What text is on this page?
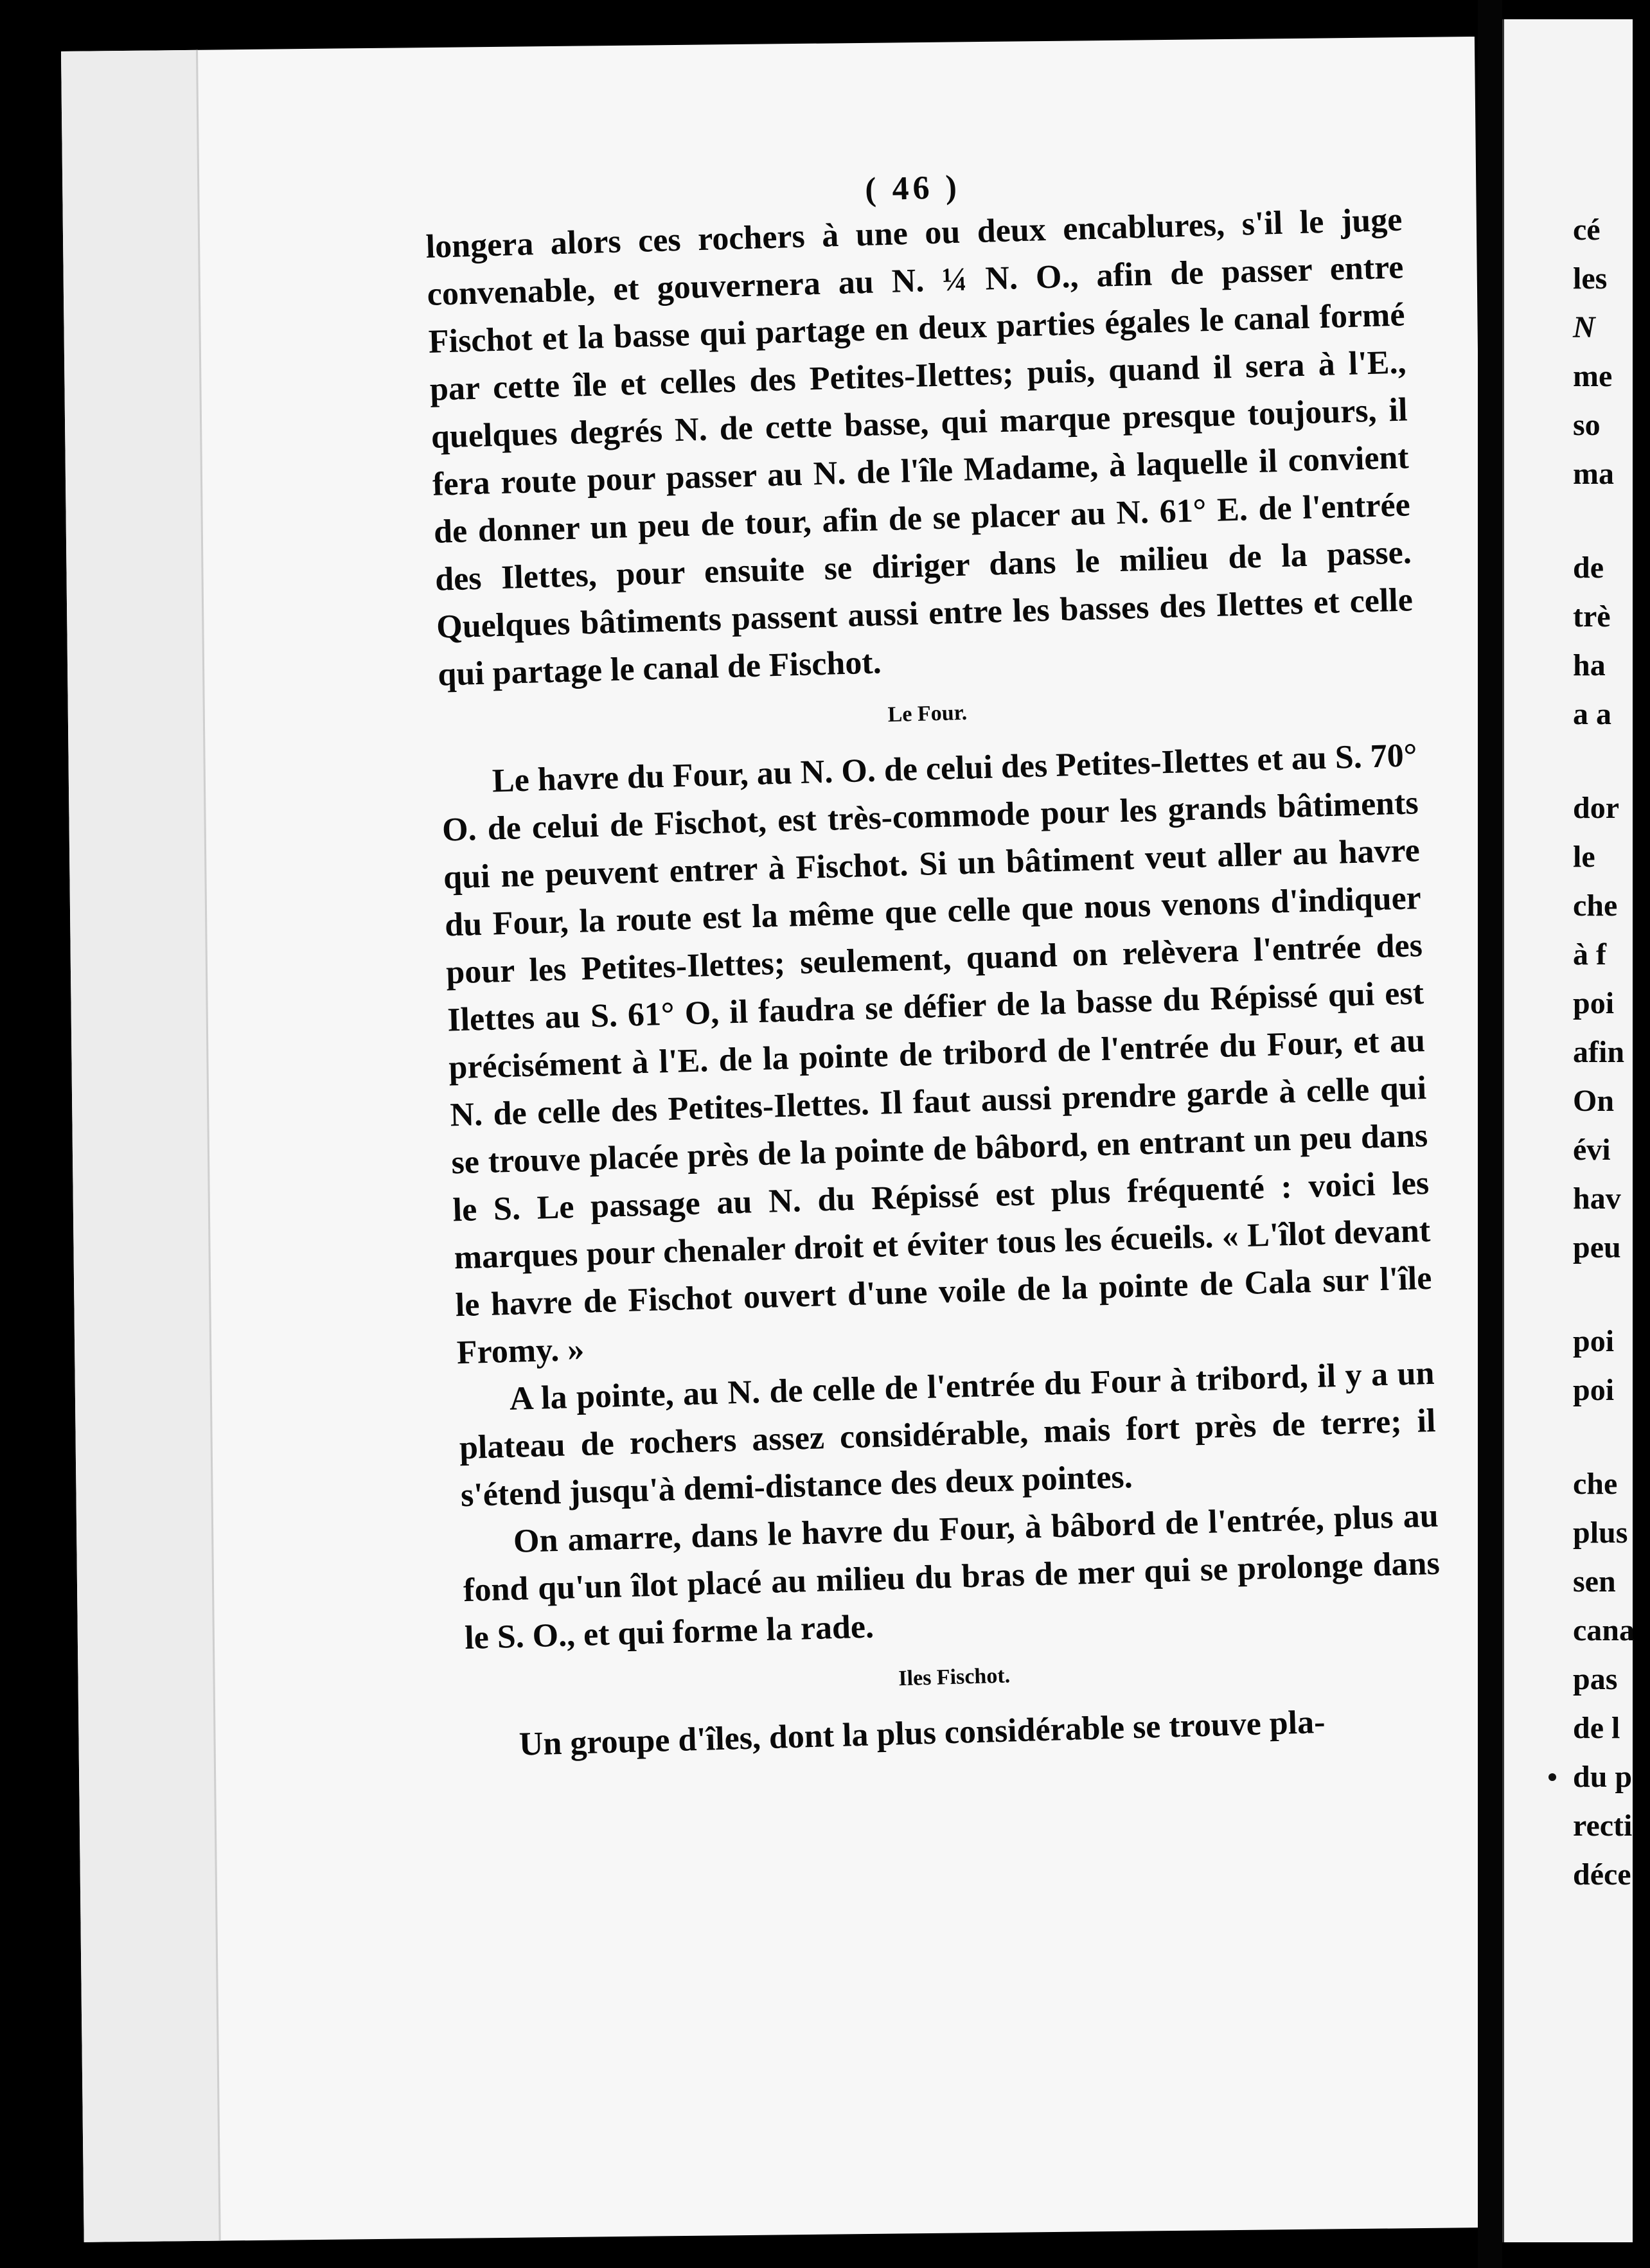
( 46 )

longera alors ces rochers à une ou deux encablures, s'il le juge convenable, et gouvernera au N. ¼ N. O., afin de passer entre Fischot et la basse qui partage en deux parties égales le canal formé par cette île et celles des Petites-Ilettes; puis, quand il sera à l'E., quelques degrés N. de cette basse, qui marque presque toujours, il fera route pour passer au N. de l'île Madame, à laquelle il convient de donner un peu de tour, afin de se placer au N. 61° E. de l'entrée des Ilettes, pour ensuite se diriger dans le milieu de la passe. Quelques bâtiments passent aussi entre les basses des Ilettes et celle qui partage le canal de Fischot.

Le Four.

Le havre du Four, au N. O. de celui des Petites-Ilettes et au S. 70° O. de celui de Fischot, est très-commode pour les grands bâtiments qui ne peuvent entrer à Fischot. Si un bâtiment veut aller au havre du Four, la route est la même que celle que nous venons d'indiquer pour les Petites-Ilettes; seulement, quand on relèvera l'entrée des Ilettes au S. 61° O, il faudra se défier de la basse du Répissé qui est précisément à l'E. de la pointe de tribord de l'entrée du Four, et au N. de celle des Petites-Ilettes. Il faut aussi prendre garde à celle qui se trouve placée près de la pointe de bâbord, en entrant un peu dans le S. Le passage au N. du Répissé est plus fréquenté : voici les marques pour chenaler droit et éviter tous les écueils. « L'îlot devant le havre de Fischot ouvert d'une voile de la pointe de Cala sur l'île Fromy. »

A la pointe, au N. de celle de l'entrée du Four à tribord, il y a un plateau de rochers assez considérable, mais fort près de terre; il s'étend jusqu'à demi-distance des deux pointes.

On amarre, dans le havre du Four, à bâbord de l'entrée, plus au fond qu'un îlot placé au milieu du bras de mer qui se prolonge dans le S. O., et qui forme la rade.

Iles Fischot.

Un groupe d'îles, dont la plus considérable se trouve pla-

cé
les
N
me
so
ma
de
trè
ha
a a
dor
le
che
à f
poi
afin
On
évi
hav
peu
poi
poi
che
plus
sen
cana
pas
de l
du p
recti
déce
